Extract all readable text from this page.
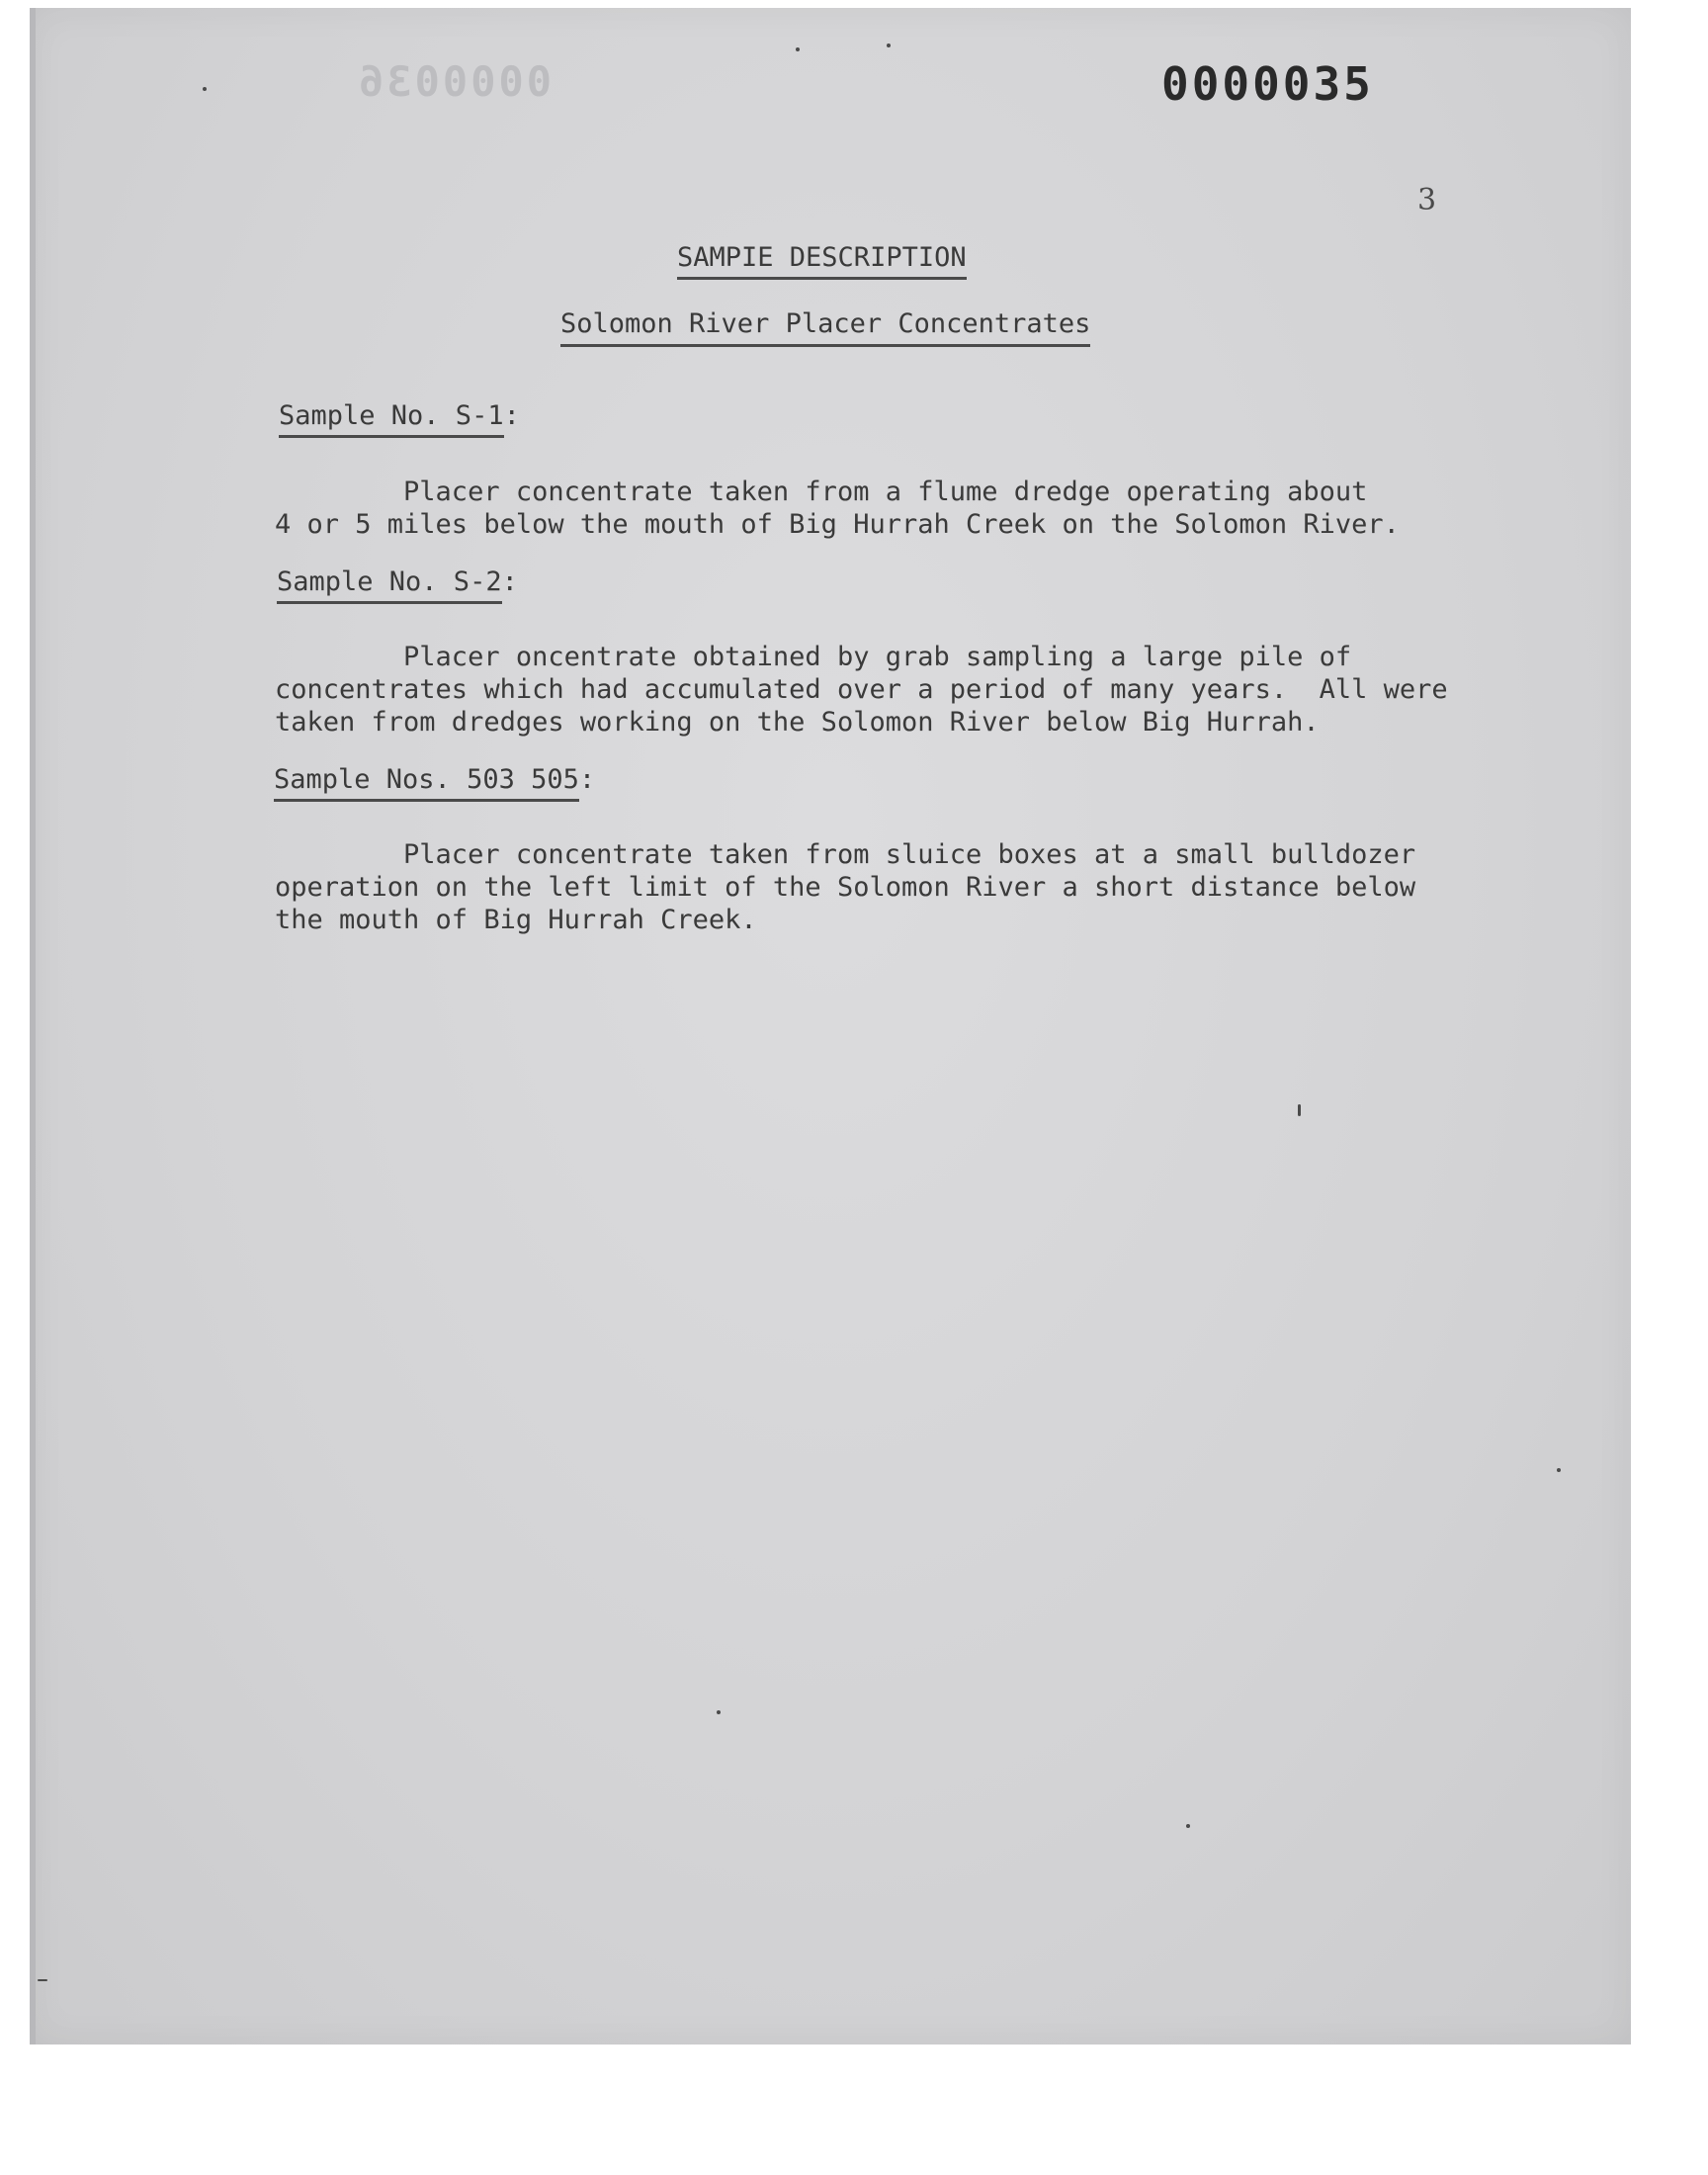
0000036	0000035
3
SAMPIE DESCRIPTION
Solomon River Placer Concentrates
Sample No. S-1:
Placer concentrate taken from a flume dredge operating about
4 or 5 miles below the mouth of Big Hurrah Creek on the Solomon River.
Sample No. S-2:
Placer oncentrate obtained by grab sampling a large pile of
concentrates which had accumulated over a period of many years.  All were
taken from dredges working on the Solomon River below Big Hurrah.
Sample Nos. 503 505:
Placer concentrate taken from sluice boxes at a small bulldozer
operation on the left limit of the Solomon River a short distance below
the mouth of Big Hurrah Creek.
